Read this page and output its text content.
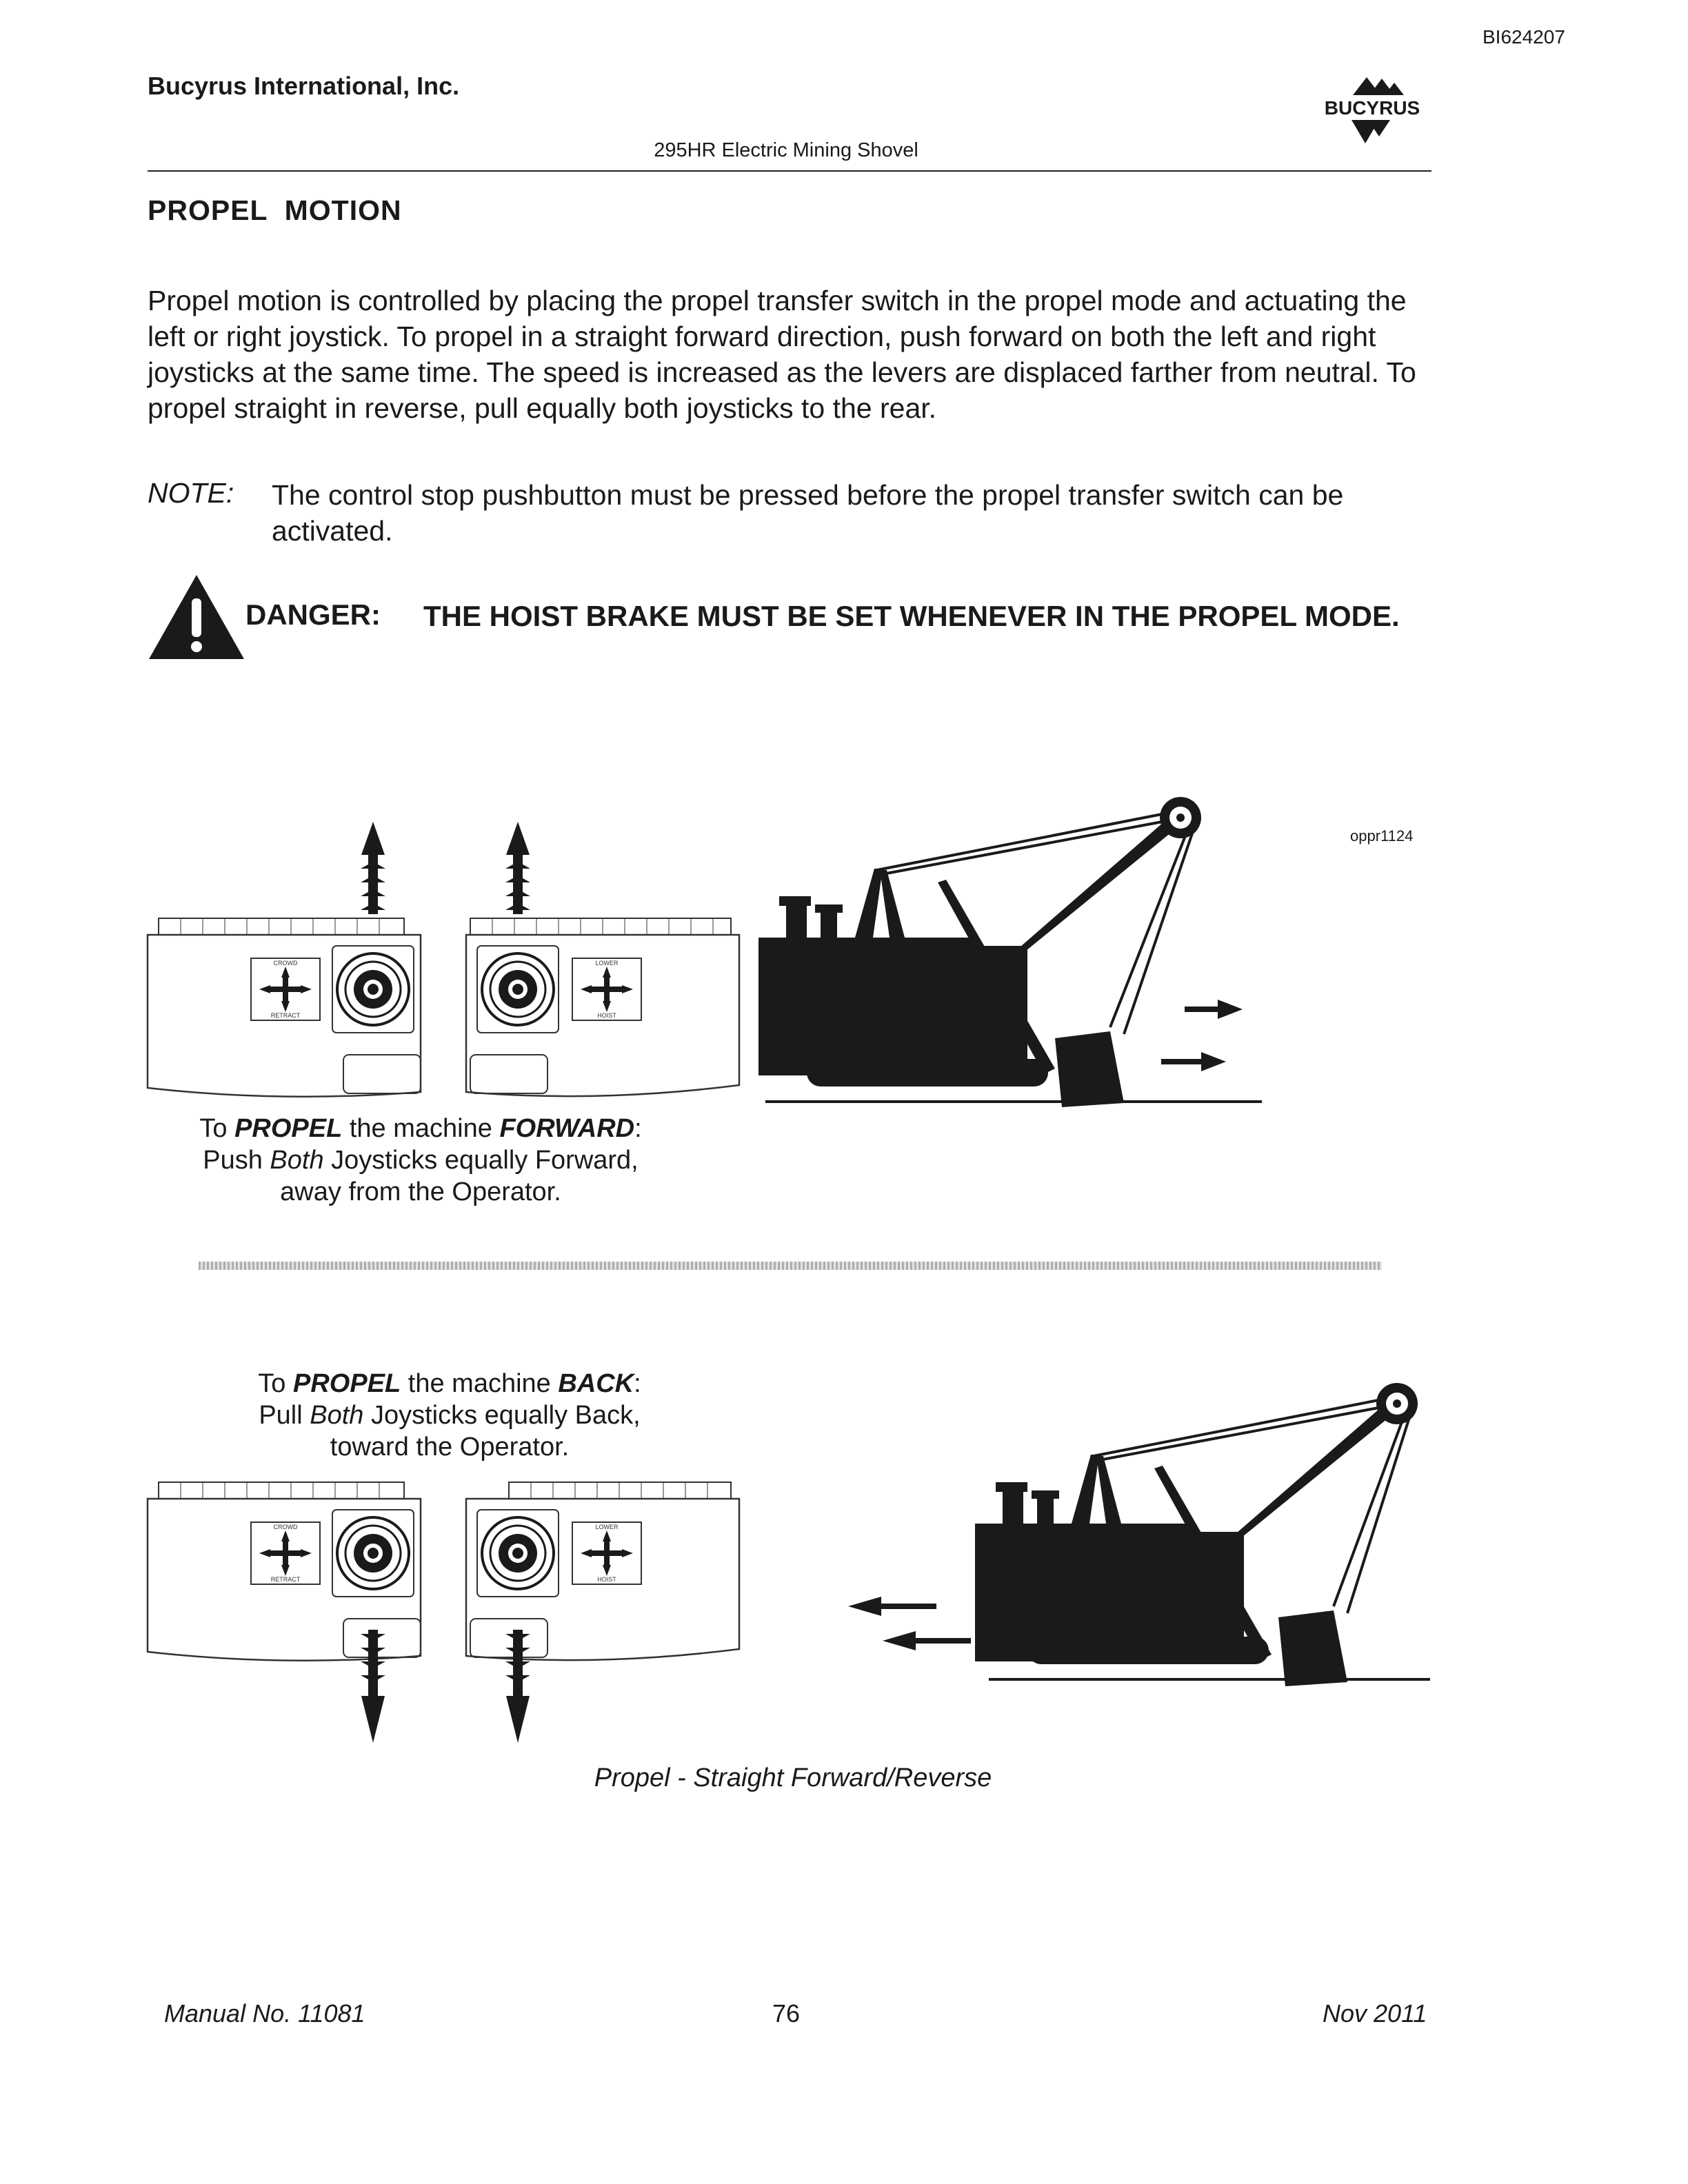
BI624207
Bucyrus International, Inc.
BUCYRUS
295HR Electric Mining Shovel
PROPEL  MOTION
Propel motion is controlled by placing the propel transfer switch in the propel mode and actuating the left or right joystick. To propel in a straight forward direction, push forward on both the left and right joysticks at the same time. The speed is increased as the levers are displaced farther from neutral. To propel straight in reverse, pull equally both joysticks to the rear.
NOTE: The control stop pushbutton must be pressed before the propel transfer switch can be activated.
DANGER: THE HOIST BRAKE MUST BE SET WHENEVER IN THE PROPEL MODE.
oppr1124
CROWD
RETRACT
LOWER
HOIST
To PROPEL the machine FORWARD:
Push Both Joysticks equally Forward,
away from the Operator.
To PROPEL the machine BACK:
Pull Both Joysticks equally Back,
toward the Operator.
CROWD
RETRACT
LOWER
HOIST
Propel - Straight Forward/Reverse
Manual No. 11081	76	Nov 2011
